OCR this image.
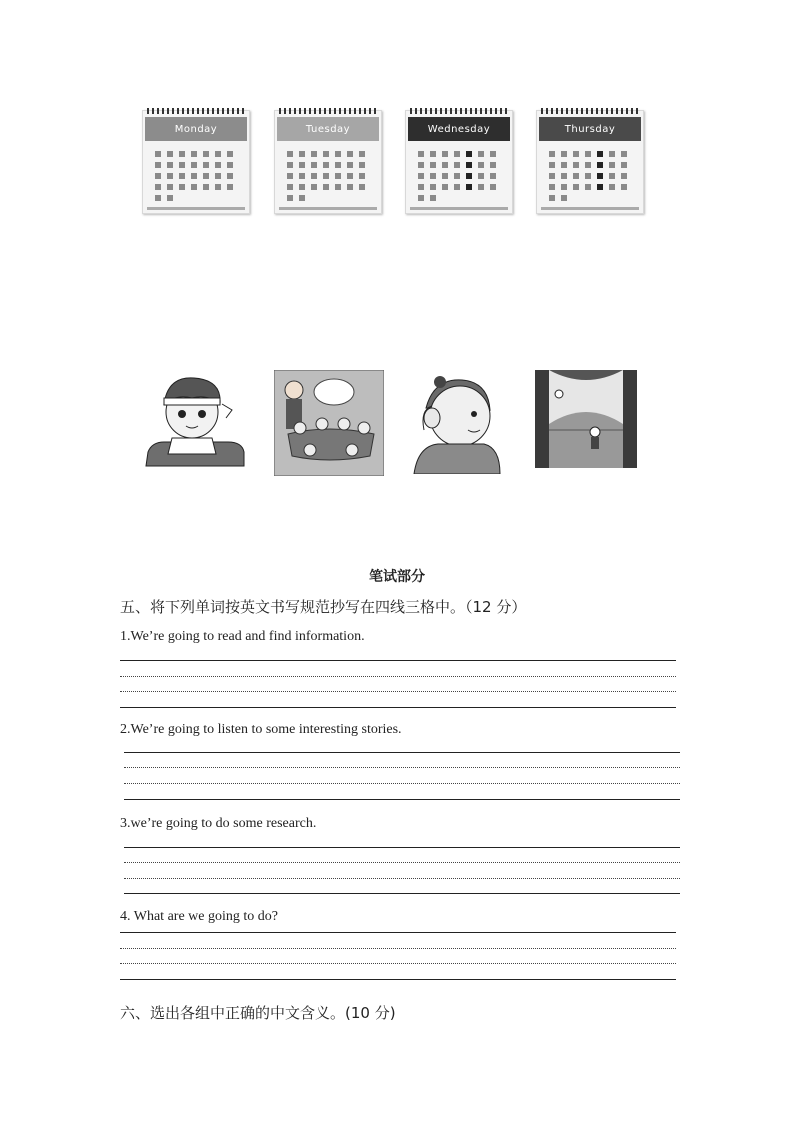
Monday	Tuesday	Wednesday	Thursday
笔试部分
五、将下列单词按英文书写规范抄写在四线三格中。（12 分）
1.We’re going to read and find information.
2.We’re going to listen to some interesting stories.
3.we’re going to do some research.
4. What are we going to do?
六、选出各组中正确的中文含义。(10 分)
